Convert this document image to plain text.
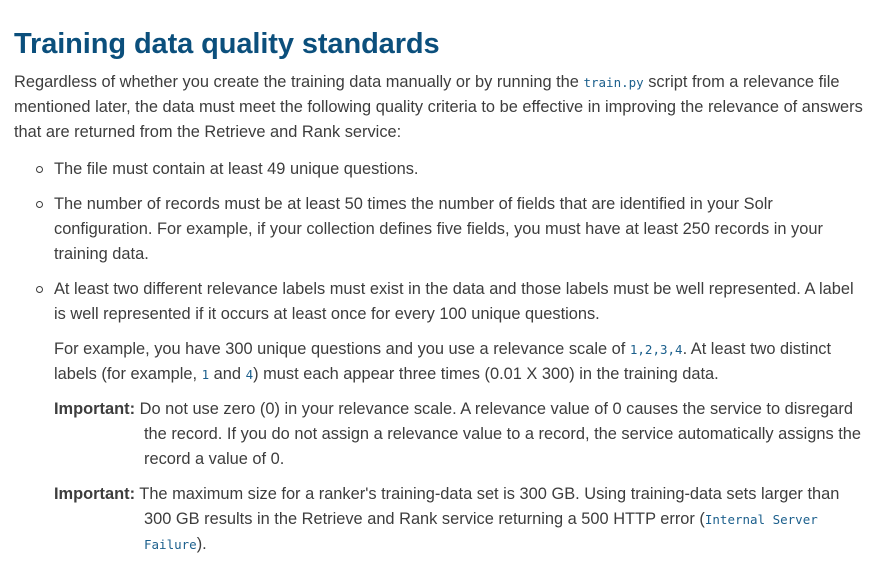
Training data quality standards

Regardless of whether you create the training data manually or by running the train.py script from a relevance file mentioned later, the data must meet the following quality criteria to be effective in improving the relevance of answers that are returned from the Retrieve and Rank service:

The file must contain at least 49 unique questions.
The number of records must be at least 50 times the number of fields that are identified in your Solr configuration. For example, if your collection defines five fields, you must have at least 250 records in your training data.
At least two different relevance labels must exist in the data and those labels must be well represented. A label is well represented if it occurs at least once for every 100 unique questions.

For example, you have 300 unique questions and you use a relevance scale of 1,2,3,4. At least two distinct labels (for example, 1 and 4) must each appear three times (0.01 X 300) in the training data.

Important: Do not use zero (0) in your relevance scale. A relevance value of 0 causes the service to disregard the record. If you do not assign a relevance value to a record, the service automatically assigns the record a value of 0.

Important: The maximum size for a ranker's training-data set is 300 GB. Using training-data sets larger than 300 GB results in the Retrieve and Rank service returning a 500 HTTP error (Internal Server Failure).
